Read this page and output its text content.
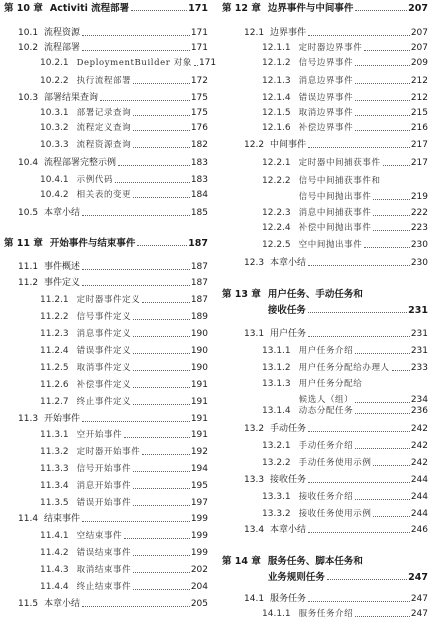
第 10 章 Activiti 流程部署	171
10.1 流程资源	171
10.2 流程部署	171
10.2.1 DeploymentBuilder 对象 171
10.2.2 执行流程部署	172
10.3 部署结果查询	175
10.3.1 部署记录查询	175
10.3.2 流程定义查询	176
10.3.3 流程资源查询	182
10.4 流程部署完整示例	183
10.4.1 示例代码	183
10.4.2 相关表的变更	184
10.5 本章小结	185
第 11 章 开始事件与结束事件	187
11.1 事件概述	187
11.2 事件定义	187
11.2.1 定时器事件定义	187
11.2.2 信号事件定义	189
11.2.3 消息事件定义	190
11.2.4 错误事件定义	190
11.2.5 取消事件定义	190
11.2.6 补偿事件定义	191
11.2.7 终止事件定义	191
11.3 开始事件	191
11.3.1 空开始事件	191
11.3.2 定时器开始事件	192
11.3.3 信号开始事件	194
11.3.4 消息开始事件	195
11.3.5 错误开始事件	197
11.4 结束事件	199
11.4.1 空结束事件	199
11.4.2 错误结束事件	199
11.4.3 取消结束事件	202
11.4.4 终止结束事件	204
11.5 本章小结	205
第 12 章 边界事件与中间事件	207
12.1 边界事件	207
12.1.1 定时器边界事件	207
12.1.2 信号边界事件	209
12.1.3 消息边界事件	212
12.1.4 错误边界事件	212
12.1.5 取消边界事件	215
12.1.6 补偿边界事件	216
12.2 中间事件	217
12.2.1 定时器中间捕获事件	217
12.2.2 信号中间捕获事件和
信号中间抛出事件	219
12.2.3 消息中间捕获事件	222
12.2.4 补偿中间抛出事件	223
12.2.5 空中间抛出事件	230
12.3 本章小结	230
第 13 章 用户任务、手动任务和
接收任务	231
13.1 用户任务	231
13.1.1 用户任务介绍	231
13.1.2 用户任务分配给办理人 233
13.1.3 用户任务分配给
候选人（组）	234
13.1.4 动态分配任务	236
13.2 手动任务	242
13.2.1 手动任务介绍	242
13.2.2 手动任务使用示例	242
13.3 接收任务	244
13.3.1 接收任务介绍	244
13.3.2 接收任务使用示例	244
13.4 本章小结	246
第 14 章 服务任务、脚本任务和
业务规则任务	247
14.1 服务任务	247
14.1.1 服务任务介绍	247
